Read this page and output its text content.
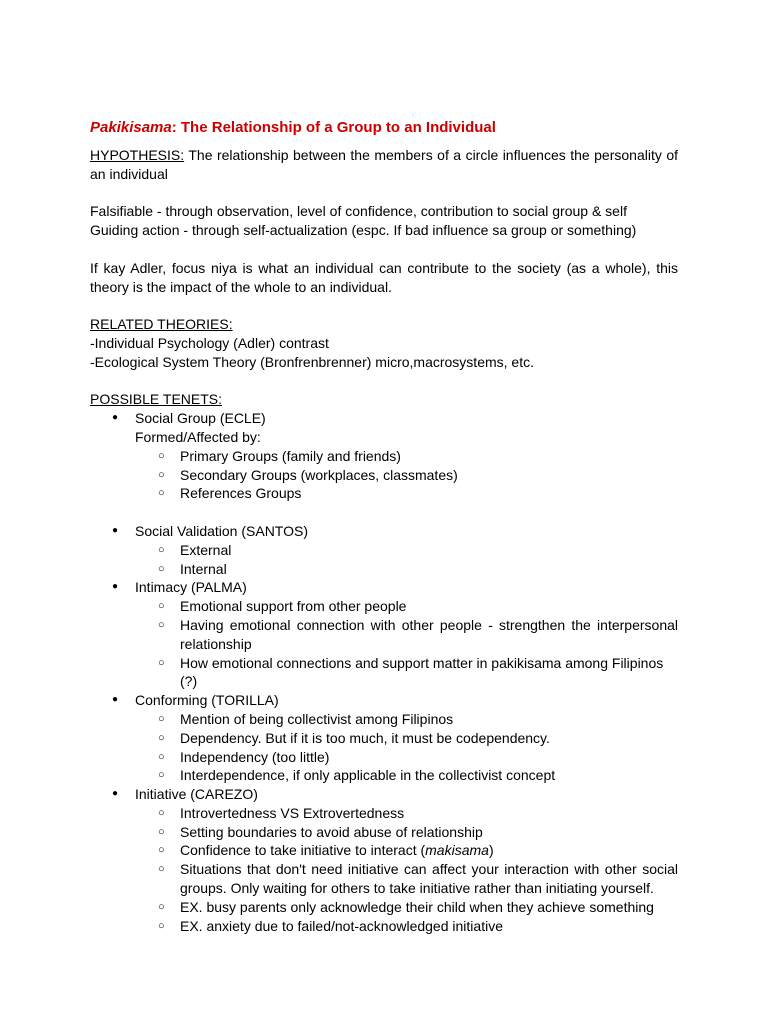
Pakikisama: The Relationship of a Group to an Individual

HYPOTHESIS: The relationship between the members of a circle influences the personality of an individual

Falsifiable - through observation, level of confidence, contribution to social group & self

Guiding action - through self-actualization (espc. If bad influence sa group or something)

If kay Adler, focus niya is what an individual can contribute to the society (as a whole), this theory is the impact of the whole to an individual.

RELATED THEORIES:

-Individual Psychology (Adler) contrast

-Ecological System Theory (Bronfrenbrenner) micro,macrosystems, etc.

POSSIBLE TENETS:

● Social Group (ECLE)
Formed/Affected by:
○ Primary Groups (family and friends)
○ Secondary Groups (workplaces, classmates)
○ References Groups
● Social Validation (SANTOS)
○ External
○ Internal
● Intimacy (PALMA)
○ Emotional support from other people
○ Having emotional connection with other people - strengthen the interpersonal relationship
○ How emotional connections and support matter in pakikisama among Filipinos (?)
● Conforming (TORILLA)
○ Mention of being collectivist among Filipinos
○ Dependency. But if it is too much, it must be codependency.
○ Independency (too little)
○ Interdependence, if only applicable in the collectivist concept
● Initiative (CAREZO)
○ Introvertedness VS Extrovertedness
○ Setting boundaries to avoid abuse of relationship
○ Confidence to take initiative to interact (makisama)
○ Situations that don't need initiative can affect your interaction with other social groups. Only waiting for others to take initiative rather than initiating yourself.
○ EX. busy parents only acknowledge their child when they achieve something
○ EX. anxiety due to failed/not-acknowledged initiative
